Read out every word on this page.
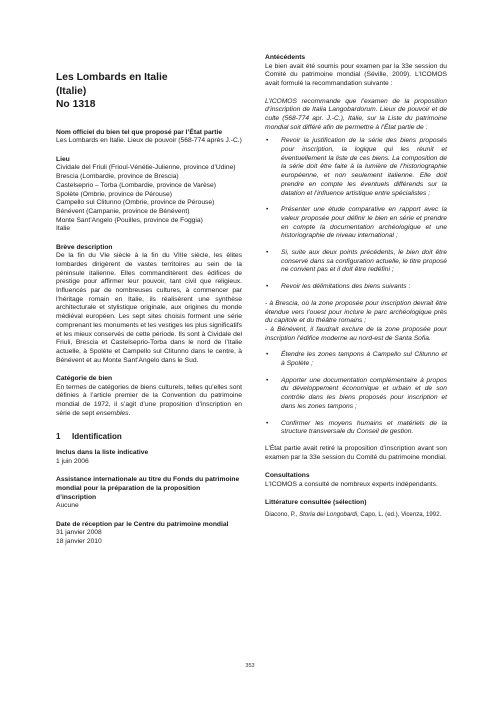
Les Lombards en Italie
(Italie)
No 1318
Nom officiel du bien tel que proposé par l’État partie
Les Lombards en Italie. Lieux de pouvoir (568-774 après J.-C.)
Lieu
Cividale del Friuli (Frioul-Vénétie-Julienne, province d’Udine)
Brescia (Lombardie, province de Brescia)
Castelseprio – Torba (Lombardie, province de Varèse)
Spolète (Ombrie, province de Pérouse)
Campello sul Clitunno (Ombrie, province de Pérouse)
Bénévent (Campanie, province de Bénévent)
Monte Sant’Angelo (Pouilles, province de Foggia)
Italie
Brève description
De la fin du VIe siècle à la fin du VIIIe siècle, les élites lombardes dirigèrent de vastes territoires au sein de la péninsule italienne. Elles commanditèrent des édifices de prestige pour affirmer leur pouvoir, tant civil que religieux. Influencés par de nombreuses cultures, à commencer par l’héritage romain en Italie, ils réalisèrent une synthèse architecturale et stylistique originale, aux origines du monde médiéval européen. Les sept sites choisis forment une série comprenant les monuments et les vestiges les plus significatifs et les mieux conservés de cette période. Ils sont à Cividale del Friuli, Brescia et Castelseprio-Torba dans le nord de l’Italie actuelle, à Spolète et Campello sul Clitunno dans le centre, à Bénévent et au Monte Sant’Angelo dans le Sud.
Catégorie de bien
En termes de catégories de biens culturels, telles qu’elles sont définies à l’article premier de la Convention du patrimoine mondial de 1972, il s’agit d’une proposition d’inscription en série de sept ensembles.
1	Identification
Inclus dans la liste indicative
1 juin 2006
Assistance internationale au titre du Fonds du patrimoine mondial pour la préparation de la proposition d’inscription
Aucune
Date de réception par le Centre du patrimoine mondial
31 janvier 2008
18 janvier 2010
Antécédents
Le bien avait été soumis pour examen par la 33e session du Comité du patrimoine mondial (Séville, 2009). L’ICOMOS avait formulé la recommandation suivante :
L’ICOMOS recommande que l’examen de la proposition d’inscription de Italia Langobardorum. Lieux de pouvoir et de culte (568-774 apr. J.-C.), Italie, sur la Liste du patrimoine mondial soit différé afin de permettre à l’État partie de :
• Revoir la justification de la série des biens proposés pour inscription, la logique qui les réunit et éventuellement la liste de ces biens. La composition de la série doit être faite à la lumière de l’historiographie européenne, et non seulement italienne. Elle doit prendre en compte les éventuels différends sur la datation et l’influence artistique entre spécialistes ;
• Présenter une étude comparative en rapport avec la valeur proposée pour définir le bien en série et prendre en compte la documentation archéologique et une historiographie de niveau international ;
• Si, suite aux deux points précédents, le bien doit être conservé dans sa configuration actuelle, le titre proposé ne convient pas et il doit être redéfini ;
• Revoir les délimitations des biens suivants :
- à Brescia, où la zone proposée pour inscription devrait être étendue vers l’ouest pour inclure le parc archéologique près du capitole et du théâtre romains ;
- à Bénévent, il faudrait exclure de la zone proposée pour inscription l’édifice moderne au nord-est de Santa Sofia.
• Étendre les zones tampons à Campello sul Clitunno et à Spolète ;
• Apporter une documentation complémentaire à propos du développement économique et urbain et de son contrôle dans les biens proposés pour inscription et dans les zones tampons ;
• Confirmer les moyens humains et matériels de la structure transversale du Conseil de gestion.
L’État partie avait retiré la proposition d’inscription avant son examen par la 33e session du Comité du patrimoine mondial.
Consultations
L’ICOMOS a consulté de nombreux experts indépendants.
Littérature consultée (sélection)
Diacono, P., Storia dei Longobardi, Capo, L. (ed.), Vicenza, 1992.
353
